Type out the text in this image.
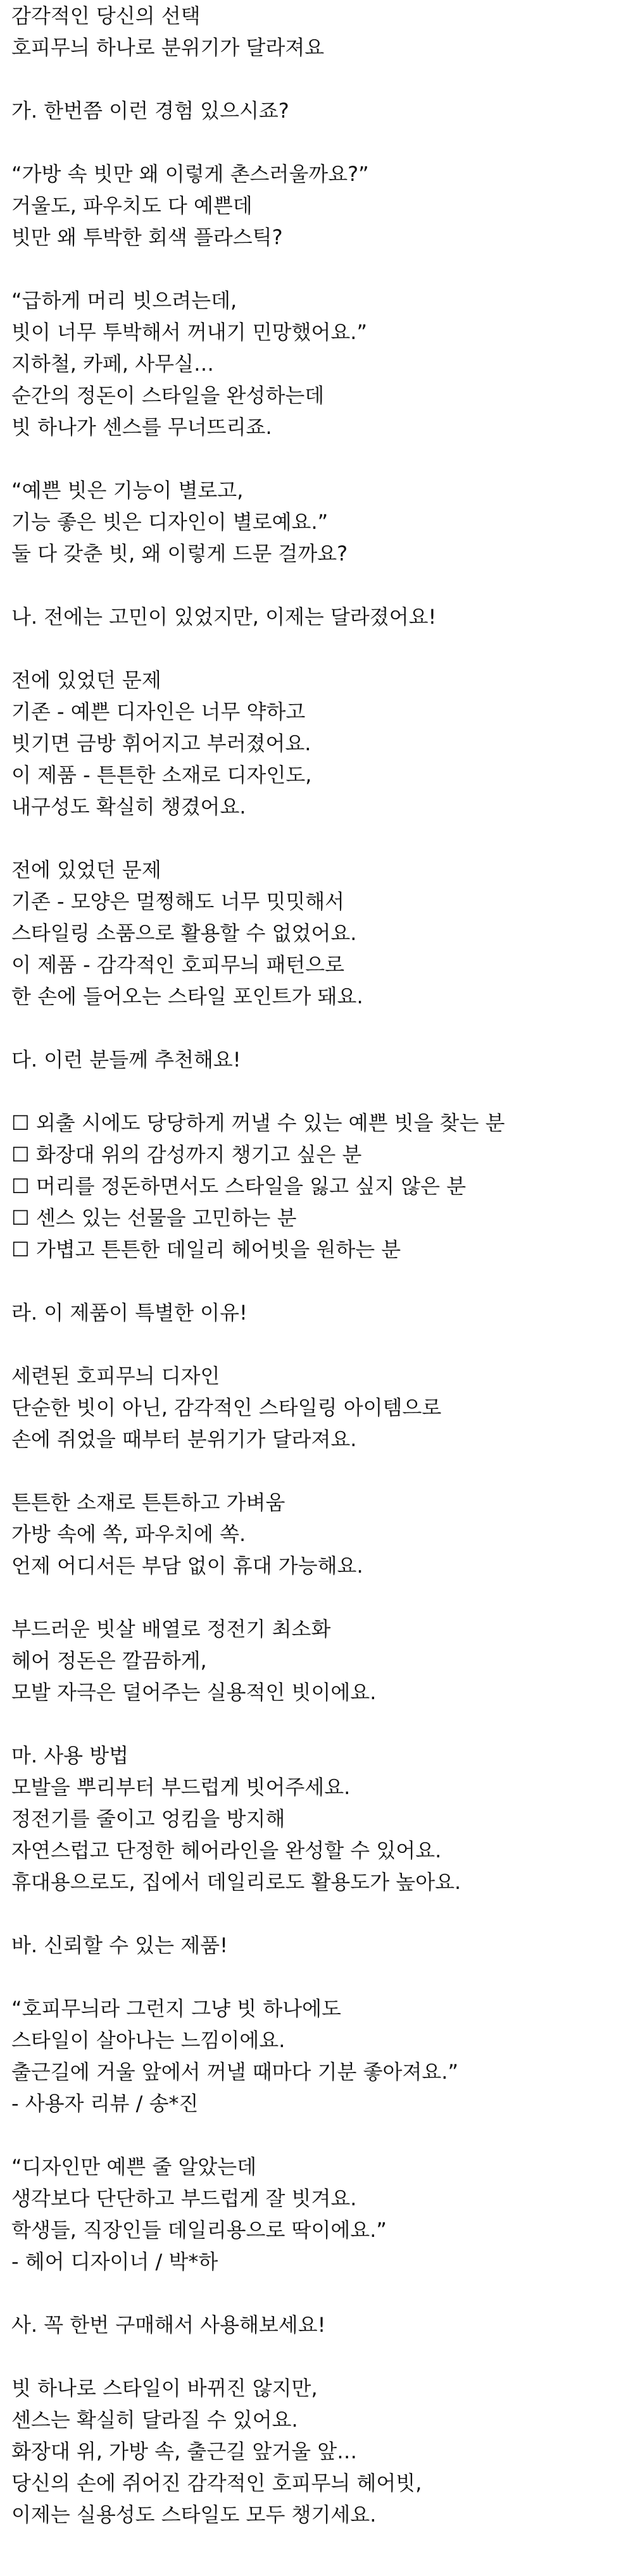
감각적인 당신의 선택

호피무늬 하나로 분위기가 달라져요

가. 한번쯤 이런 경험 있으시죠?

“가방 속 빗만 왜 이렇게 촌스러울까요?”

거울도, 파우치도 다 예쁜데

빗만 왜 투박한 회색 플라스틱?

“급하게 머리 빗으려는데,

빗이 너무 투박해서 꺼내기 민망했어요.”

지하철, 카페, 사무실…

순간의 정돈이 스타일을 완성하는데

빗 하나가 센스를 무너뜨리죠.

“예쁜 빗은 기능이 별로고,

기능 좋은 빗은 디자인이 별로예요.”

둘 다 갖춘 빗, 왜 이렇게 드문 걸까요?

나. 전에는 고민이 있었지만, 이제는 달라졌어요!

전에 있었던 문제

기존 - 예쁜 디자인은 너무 약하고

빗기면 금방 휘어지고 부러졌어요.

이 제품 - 튼튼한 소재로 디자인도,

내구성도 확실히 챙겼어요.

전에 있었던 문제

기존 - 모양은 멀쩡해도 너무 밋밋해서

스타일링 소품으로 활용할 수 없었어요.

이 제품 - 감각적인 호피무늬 패턴으로

한 손에 들어오는 스타일 포인트가 돼요.

다. 이런 분들께 추천해요!

☐ 외출 시에도 당당하게 꺼낼 수 있는 예쁜 빗을 찾는 분

☐ 화장대 위의 감성까지 챙기고 싶은 분

☐ 머리를 정돈하면서도 스타일을 잃고 싶지 않은 분

☐ 센스 있는 선물을 고민하는 분

☐ 가볍고 튼튼한 데일리 헤어빗을 원하는 분

라. 이 제품이 특별한 이유!

세련된 호피무늬 디자인

단순한 빗이 아닌, 감각적인 스타일링 아이템으로

손에 쥐었을 때부터 분위기가 달라져요.

튼튼한 소재로 튼튼하고 가벼움

가방 속에 쏙, 파우치에 쏙.

언제 어디서든 부담 없이 휴대 가능해요.

부드러운 빗살 배열로 정전기 최소화

헤어 정돈은 깔끔하게,

모발 자극은 덜어주는 실용적인 빗이에요.

마. 사용 방법

모발을 뿌리부터 부드럽게 빗어주세요.

정전기를 줄이고 엉킴을 방지해

자연스럽고 단정한 헤어라인을 완성할 수 있어요.

휴대용으로도, 집에서 데일리로도 활용도가 높아요.

바. 신뢰할 수 있는 제품!

“호피무늬라 그런지 그냥 빗 하나에도

스타일이 살아나는 느낌이에요.

출근길에 거울 앞에서 꺼낼 때마다 기분 좋아져요.”

- 사용자 리뷰 / 송*진

“디자인만 예쁜 줄 알았는데

생각보다 단단하고 부드럽게 잘 빗겨요.

학생들, 직장인들 데일리용으로 딱이에요.”

- 헤어 디자이너 / 박*하

사. 꼭 한번 구매해서 사용해보세요!

빗 하나로 스타일이 바뀌진 않지만,

센스는 확실히 달라질 수 있어요.

화장대 위, 가방 속, 출근길 앞거울 앞…

당신의 손에 쥐어진 감각적인 호피무늬 헤어빗,

이제는 실용성도 스타일도 모두 챙기세요.
